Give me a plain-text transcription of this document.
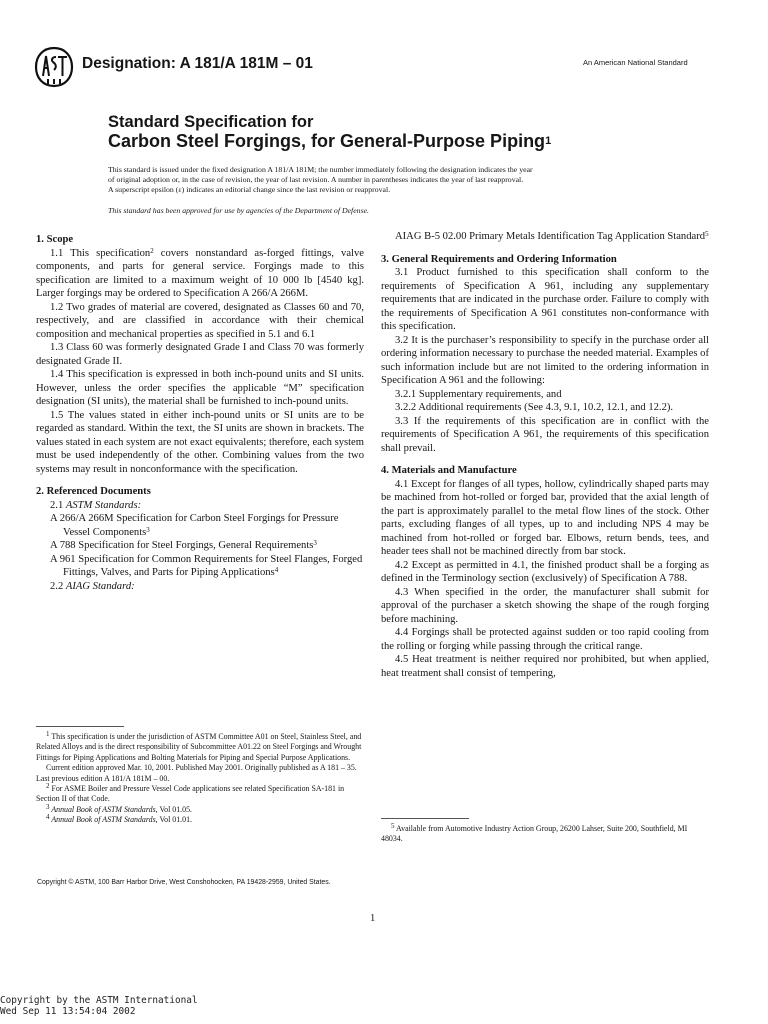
Designation: A 181/A 181M – 01	An American National Standard
Standard Specification for
Carbon Steel Forgings, for General-Purpose Piping$^1$

This standard is issued under the fixed designation A 181/A 181M; the number immediately following the designation indicates the year

of original adoption or, in the case of revision, the year of last revision. A number in parentheses indicates the year of last reapproval.

A superscript epsilon (ε) indicates an editorial change since the last revision or reapproval.

This standard has been approved for use by agencies of the Department of Defense.
1. Scope

1.1 This specification$^2$ covers nonstandard as-forged fittings, valve components, and parts for general service. Forgings made to this specification are limited to a maximum weight of 10 000 lb [4540 kg]. Larger forgings may be ordered to Specification A 266/A 266M.

1.2 Two grades of material are covered, designated as Classes 60 and 70, respectively, and are classified in accordance with their chemical composition and mechanical properties as specified in 5.1 and 6.1

1.3 Class 60 was formerly designated Grade I and Class 70 was formerly designated Grade II.

1.4 This specification is expressed in both inch-pound units and SI units. However, unless the order specifies the applicable “M” specification designation (SI units), the material shall be furnished to inch-pound units.

1.5 The values stated in either inch-pound units or SI units are to be regarded as standard. Within the text, the SI units are shown in brackets. The values stated in each system are not exact equivalents; therefore, each system must be used independently of the other. Combining values from the two systems may result in nonconformance with the specification.

2. Referenced Documents

2.1 ASTM Standards:

A 266/A 266M Specification for Carbon Steel Forgings for Pressure Vessel Components$^3$

A 788 Specification for Steel Forgings, General Requirements$^3$

A 961 Specification for Common Requirements for Steel Flanges, Forged Fittings, Valves, and Parts for Piping Applications$^4$

2.2 AIAG Standard:

AIAG B-5 02.00 Primary Metals Identification Tag Application Standard$^5$

3. General Requirements and Ordering Information

3.1 Product furnished to this specification shall conform to the requirements of Specification A 961, including any supplementary requirements that are indicated in the purchase order. Failure to comply with the requirements of Specification A 961 constitutes non-conformance with this specification.

3.2 It is the purchaser’s responsibility to specify in the purchase order all ordering information necessary to purchase the needed material. Examples of such information include but are not limited to the ordering information in Specification A 961 and the following:

3.2.1 Supplementary requirements, and

3.2.2 Additional requirements (See 4.3, 9.1, 10.2, 12.1, and 12.2).

3.3 If the requirements of this specification are in conflict with the requirements of Specification A 961, the requirements of this specification shall prevail.

4. Materials and Manufacture

4.1 Except for flanges of all types, hollow, cylindrically shaped parts may be machined from hot-rolled or forged bar, provided that the axial length of the part is approximately parallel to the metal flow lines of the stock. Other parts, excluding flanges of all types, up to and including NPS 4 may be machined from hot-rolled or forged bar. Elbows, return bends, tees, and header tees shall not be machined directly from bar stock.

4.2 Except as permitted in 4.1, the finished product shall be a forging as defined in the Terminology section (exclusively) of Specification A 788.

4.3 When specified in the order, the manufacturer shall submit for approval of the purchaser a sketch showing the shape of the rough forging before machining.

4.4 Forgings shall be protected against sudden or too rapid cooling from the rolling or forging while passing through the critical range.

4.5 Heat treatment is neither required nor prohibited, but when applied, heat treatment shall consist of tempering,

$^1$ This specification is under the jurisdiction of ASTM Committee A01 on Steel, Stainless Steel, and Related Alloys and is the direct responsibility of Subcommittee A01.22 on Steel Forgings and Wrought Fittings for Piping Applications and Bolting Materials for Piping and Special Purpose Applications.

Current edition approved Mar. 10, 2001. Published May 2001. Originally published as A 181 – 35. Last previous edition A 181/A 181M – 00.

$^2$ For ASME Boiler and Pressure Vessel Code applications see related Specification SA-181 in Section II of that Code.

$^3$ Annual Book of ASTM Standards, Vol 01.05.

$^4$ Annual Book of ASTM Standards, Vol 01.01.

$^5$ Available from Automotive Industry Action Group, 26200 Lahser, Suite 200, Southfield, MI 48034.

Copyright © ASTM, 100 Barr Harbor Drive, West Conshohocken, PA 19428-2959, United States.
1
Copyright by the ASTM International
Wed Sep 11 13:54:04 2002
